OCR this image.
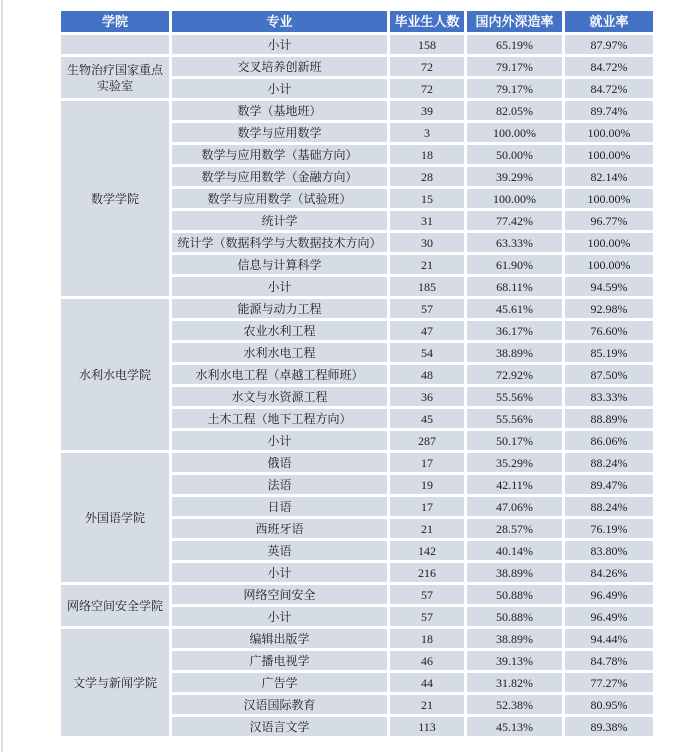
学院	专业	毕业生人数	国内外深造率	就业率
	小计	158	65.19%	87.97%
生物治疗国家重点实验室	交叉培养创新班	72	79.17%	84.72%
	小计	72	79.17%	84.72%
数学学院	数学（基地班）	39	82.05%	89.74%
	数学与应用数学	3	100.00%	100.00%
	数学与应用数学（基础方向）	18	50.00%	100.00%
	数学与应用数学（金融方向）	28	39.29%	82.14%
	数学与应用数学（试验班）	15	100.00%	100.00%
	统计学	31	77.42%	96.77%
	统计学（数据科学与大数据技术方向）	30	63.33%	100.00%
	信息与计算科学	21	61.90%	100.00%
	小计	185	68.11%	94.59%
水利水电学院	能源与动力工程	57	45.61%	92.98%
	农业水利工程	47	36.17%	76.60%
	水利水电工程	54	38.89%	85.19%
	水利水电工程（卓越工程师班）	48	72.92%	87.50%
	水文与水资源工程	36	55.56%	83.33%
	土木工程（地下工程方向）	45	55.56%	88.89%
	小计	287	50.17%	86.06%
外国语学院	俄语	17	35.29%	88.24%
	法语	19	42.11%	89.47%
	日语	17	47.06%	88.24%
	西班牙语	21	28.57%	76.19%
	英语	142	40.14%	83.80%
	小计	216	38.89%	84.26%
网络空间安全学院	网络空间安全	57	50.88%	96.49%
	小计	57	50.88%	96.49%
文学与新闻学院	编辑出版学	18	38.89%	94.44%
	广播电视学	46	39.13%	84.78%
	广告学	44	31.82%	77.27%
	汉语国际教育	21	52.38%	80.95%
	汉语言文学	113	45.13%	89.38%
